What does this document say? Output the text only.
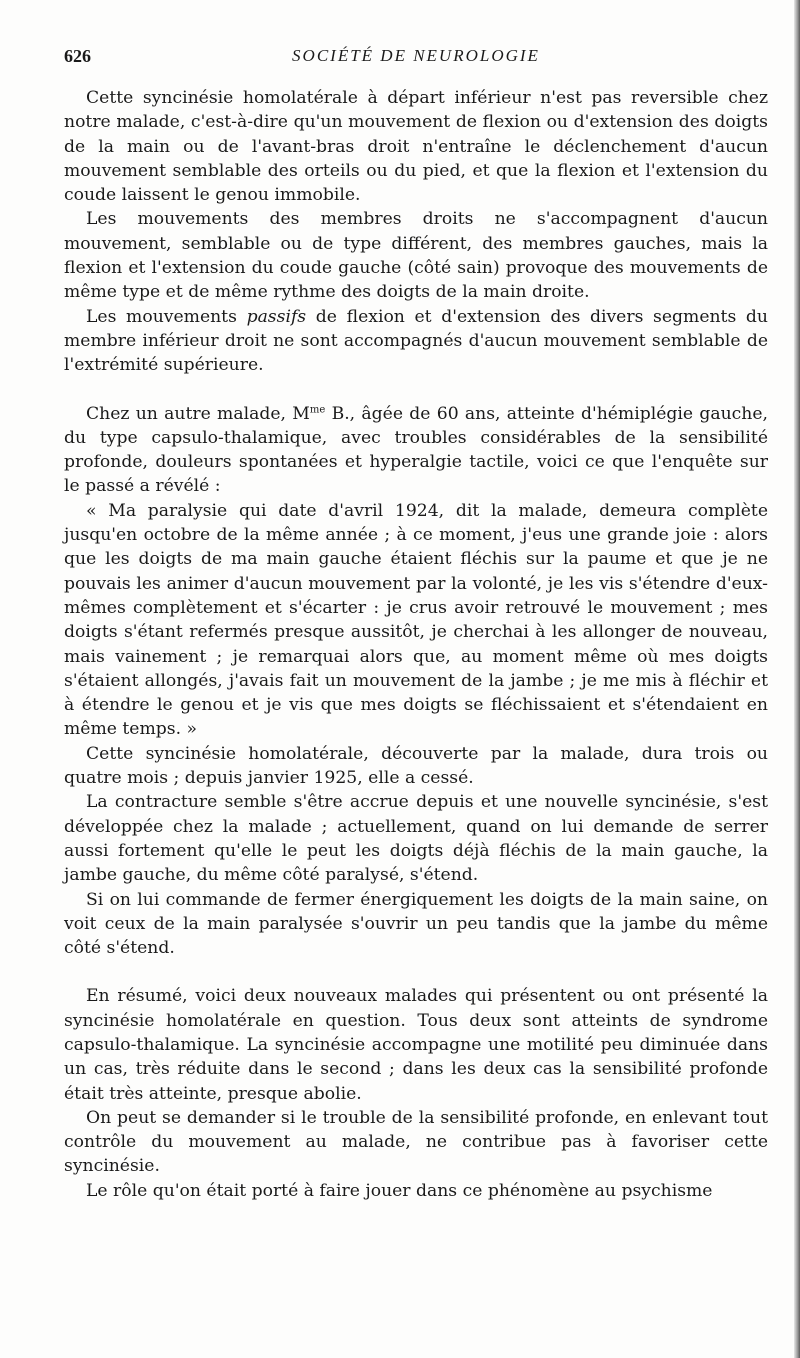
626	SOCIÉTÉ DE NEUROLOGIE

Cette syncinésie homolatérale à départ inférieur n'est pas reversible chez notre malade, c'est-à-dire qu'un mouvement de flexion ou d'extension des doigts de la main ou de l'avant-bras droit n'entraîne le déclenchement d'aucun mouvement semblable des orteils ou du pied, et que la flexion et l'extension du coude laissent le genou immobile.

Les mouvements des membres droits ne s'accompagnent d'aucun mouvement, semblable ou de type différent, des membres gauches, mais la flexion et l'extension du coude gauche (côté sain) provoque des mouvements de même type et de même rythme des doigts de la main droite.

Les mouvements passifs de flexion et d'extension des divers segments du membre inférieur droit ne sont accompagnés d'aucun mouvement semblable de l'extrémité supérieure.

Chez un autre malade, $M^{me}$ B., âgée de 60 ans, atteinte d'hémiplégie gauche, du type capsulo-thalamique, avec troubles considérables de la sensibilité profonde, douleurs spontanées et hyperalgie tactile, voici ce que l'enquête sur le passé a révélé :

« Ma paralysie qui date d'avril 1924, dit la malade, demeura complète jusqu'en octobre de la même année ; à ce moment, j'eus une grande joie : alors que les doigts de ma main gauche étaient fléchis sur la paume et que je ne pouvais les animer d'aucun mouvement par la volonté, je les vis s'étendre d'eux-mêmes complètement et s'écarter : je crus avoir retrouvé le mouvement ; mes doigts s'étant refermés presque aussitôt, je cherchai à les allonger de nouveau, mais vainement ; je remarquai alors que, au moment même où mes doigts s'étaient allongés, j'avais fait un mouvement de la jambe ; je me mis à fléchir et à étendre le genou et je vis que mes doigts se fléchissaient et s'étendaient en même temps. »

Cette syncinésie homolatérale, découverte par la malade, dura trois ou quatre mois ; depuis janvier 1925, elle a cessé.

La contracture semble s'être accrue depuis et une nouvelle syncinésie, s'est développée chez la malade ; actuellement, quand on lui demande de serrer aussi fortement qu'elle le peut les doigts déjà fléchis de la main gauche, la jambe gauche, du même côté paralysé, s'étend.

Si on lui commande de fermer énergiquement les doigts de la main saine, on voit ceux de la main paralysée s'ouvrir un peu tandis que la jambe du même côté s'étend.

En résumé, voici deux nouveaux malades qui présentent ou ont présenté la syncinésie homolatérale en question. Tous deux sont atteints de syndrome capsulo-thalamique. La syncinésie accompagne une motilité peu diminuée dans un cas, très réduite dans le second ; dans les deux cas la sensibilité profonde était très atteinte, presque abolie.

On peut se demander si le trouble de la sensibilité profonde, en enlevant tout contrôle du mouvement au malade, ne contribue pas à favoriser cette syncinésie.

Le rôle qu'on était porté à faire jouer dans ce phénomène au psychisme
